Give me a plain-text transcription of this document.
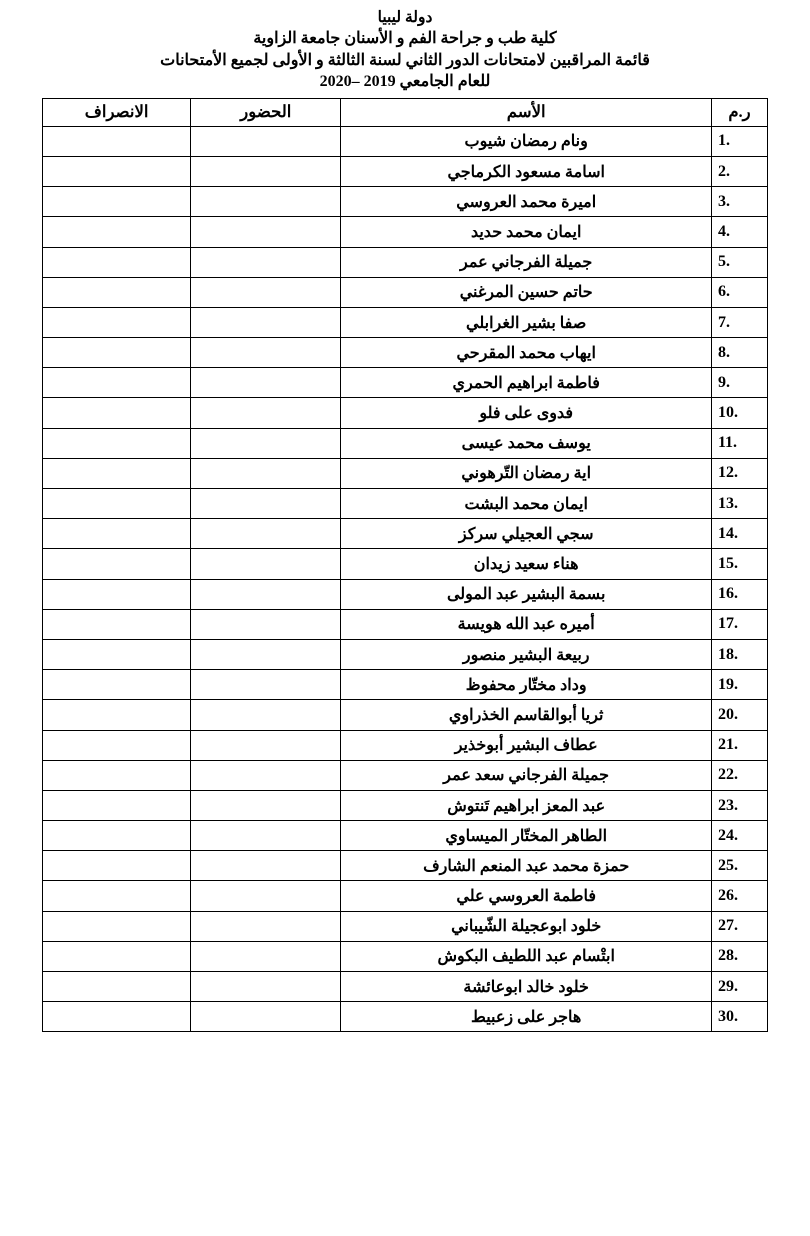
دولة ليبيا
كلية طب و جراحة الفم و الأسنان جامعة الزاوية
قائمة المراقبين لامتحانات الدور الثاني لسنة الثالثة و الأولى لجميع الأمتحانات
للعام الجامعي 2019 –2020
ر.م	الأسم	الحضور	الانصراف
1.	ونام رمضان شيوب		
2.	اسامة مسعود الكرماجي		
3.	اميرة محمد العروسي		
4.	ايمان محمد حديد		
5.	جميلة الفرجاني عمر		
6.	حاتم حسين المرغني		
7.	صفا بشير الغرابلي		
8.	ايهاب محمد المقرحي		
9.	فاطمة ابراهيم الحمري		
10.	فدوى على فلو		
11.	يوسف محمد عيسى		
12.	اية رمضان التّرهوني		
13.	ايمان محمد البشت		
14.	سجي العجيلي سركز		
15.	هناء سعيد زيدان		
16.	بسمة البشير عبد المولى		
17.	أميره عبد الله هويسة		
18.	ربيعة البشير منصور		
19.	وداد مختّار محفوظ		
20.	ثريا أبوالقاسم الخذراوي		
21.	عطاف البشير أبوخذير		
22.	جميلة الفرجاني سعد عمر		
23.	عبد المعز ابراهيم تَنتوش		
24.	الطاهر المختّار الميساوي		
25.	حمزة محمد عبد المنعم الشارف		
26.	فاطمة العروسي علي		
27.	خلود ابوعجيلة الشّيباني		
28.	ابتْسام عبد اللطيف البكوش		
29.	خلود خالد ابوعائشة		
30.	هاجر على زعبيط		
